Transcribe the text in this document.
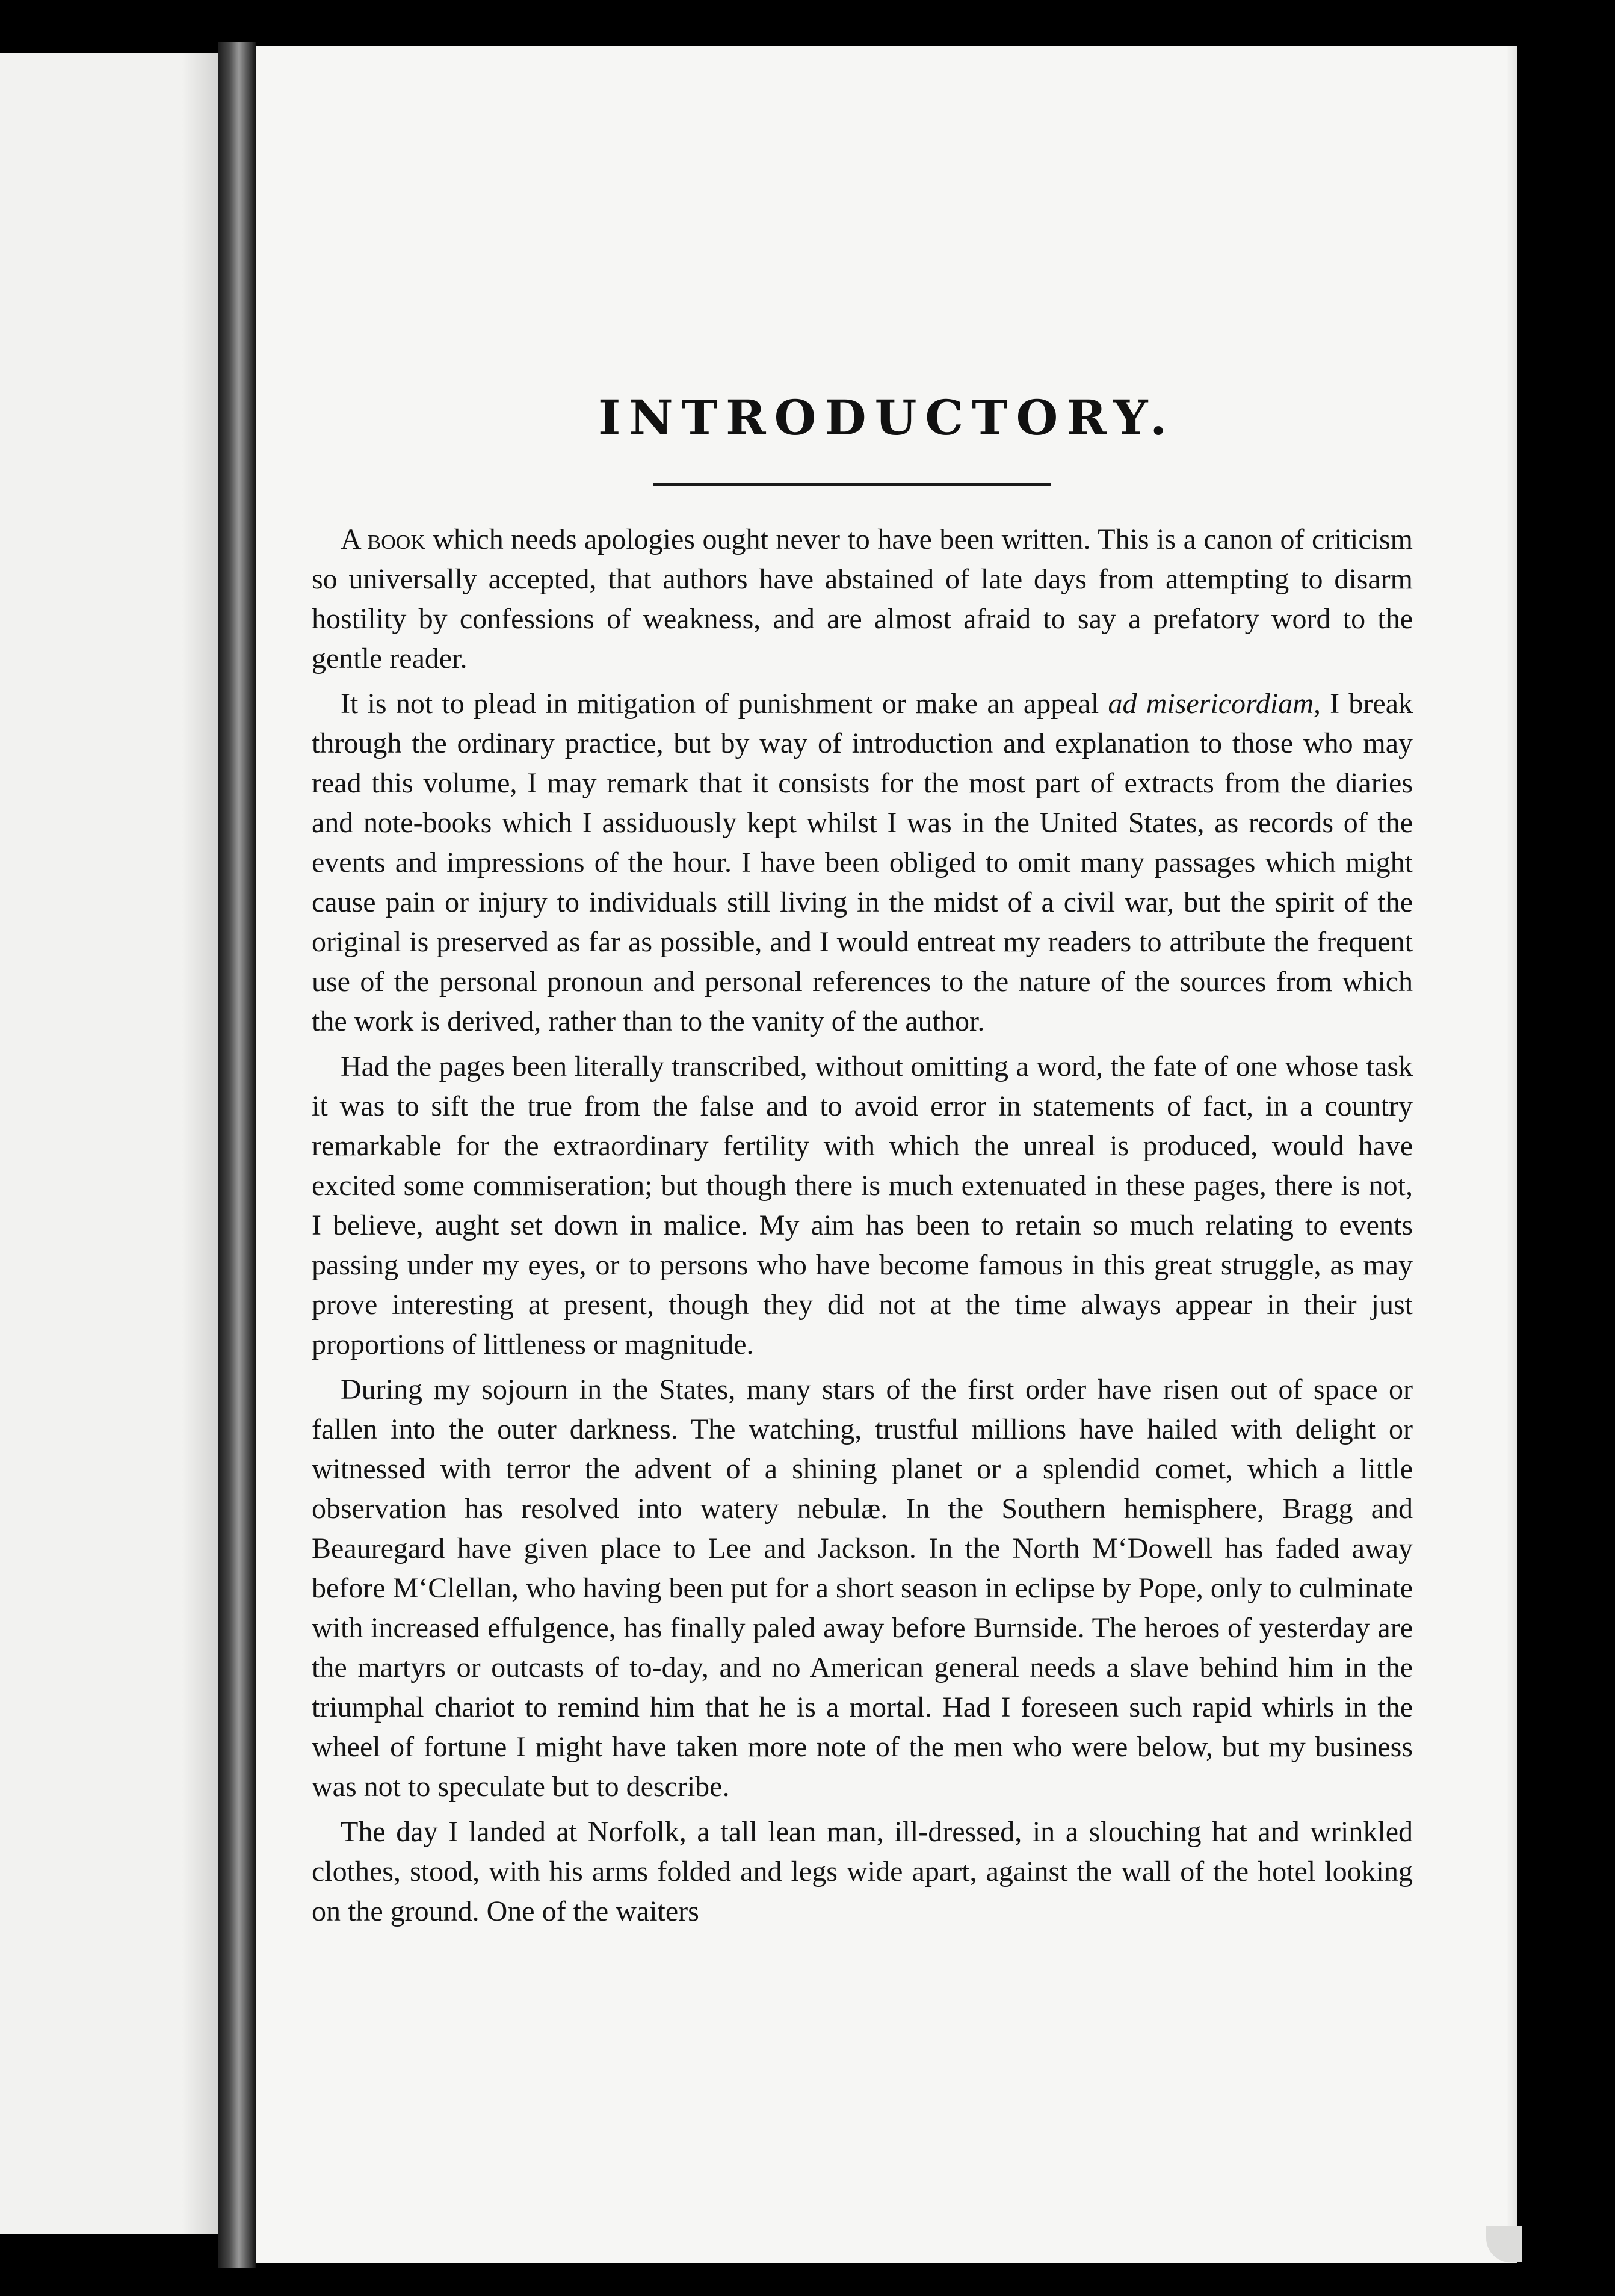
INTRODUCTORY.

A book which needs apologies ought never to have been written. This is a canon of criticism so universally accepted, that authors have abstained of late days from attempting to disarm hostility by confessions of weakness, and are almost afraid to say a prefatory word to the gentle reader.

It is not to plead in mitigation of punishment or make an appeal ad misericordiam, I break through the ordinary practice, but by way of introduction and explanation to those who may read this volume, I may remark that it consists for the most part of extracts from the diaries and note-books which I assiduously kept whilst I was in the United States, as records of the events and impressions of the hour. I have been obliged to omit many passages which might cause pain or injury to individuals still living in the midst of a civil war, but the spirit of the original is preserved as far as possible, and I would entreat my readers to attribute the frequent use of the personal pronoun and personal references to the nature of the sources from which the work is derived, rather than to the vanity of the author.

Had the pages been literally transcribed, without omitting a word, the fate of one whose task it was to sift the true from the false and to avoid error in statements of fact, in a country remarkable for the extraordinary fertility with which the unreal is produced, would have excited some commiseration; but though there is much extenuated in these pages, there is not, I believe, aught set down in malice. My aim has been to retain so much relating to events passing under my eyes, or to persons who have become famous in this great struggle, as may prove interesting at present, though they did not at the time always appear in their just proportions of littleness or magnitude.

During my sojourn in the States, many stars of the first order have risen out of space or fallen into the outer darkness. The watching, trustful millions have hailed with delight or witnessed with terror the advent of a shining planet or a splendid comet, which a little observation has resolved into watery nebulæ. In the Southern hemisphere, Bragg and Beauregard have given place to Lee and Jackson. In the North M‘Dowell has faded away before M‘Clellan, who having been put for a short season in eclipse by Pope, only to culminate with increased effulgence, has finally paled away before Burnside. The heroes of yesterday are the martyrs or outcasts of to-day, and no American general needs a slave behind him in the triumphal chariot to remind him that he is a mortal. Had I foreseen such rapid whirls in the wheel of fortune I might have taken more note of the men who were below, but my business was not to speculate but to describe.

The day I landed at Norfolk, a tall lean man, ill-dressed, in a slouching hat and wrinkled clothes, stood, with his arms folded and legs wide apart, against the wall of the hotel looking on the ground. One of the waiters
